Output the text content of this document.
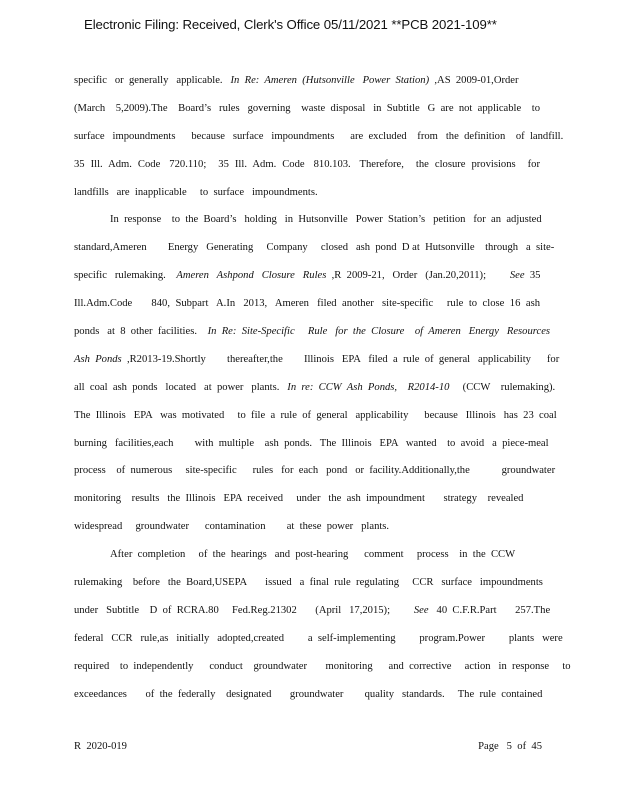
Electronic Filing: Received, Clerk's Office 05/11/2021 **PCB 2021-109**
specific   or  generally   applicable.   In  Re:  Ameren  (Hutsonville   Power  Station)  ,AS  2009-01,Order
(March    5,2009).The    Board’s   rules   governing    waste  disposal   in  Subtitle   G  are  not  applicable    to
surface   impoundments      because   surface   impoundments      are  excluded    from   the  definition    of  landfill.
35  Ill.  Adm.  Code   720.110;    35  Ill.  Adm.  Code   810.103.   Therefore,    the  closure  provisions    for
landfills   are  inapplicable     to  surface   impoundments.
In  response    to  the  Board’s   holding   in  Hutsonville   Power  Station’s   petition   for  an  adjusted
standard,Ameren        Energy   Generating     Company     closed   ash  pond  D at  Hutsonville    through   a  site-
specific   rulemaking.    Ameren   Ashpond   Closure   Rules  ,R  2009-21,   Order   (Jan.20,2011);         See  35
Ill.Adm.Code       840,  Subpart   A.In   2013,   Ameren   filed  another   site-specific     rule  to  close  16  ash
ponds   at  8  other  facilities.    In  Re:  Site-Specific     Rule   for  the  Closure    of  Ameren   Energy   Resources
Ash  Ponds  ,R2013-19.Shortly        thereafter,the        Illinois   EPA   filed  a  rule  of  general   applicability      for
all  coal  ash  ponds   located   at  power   plants.   In  re:  CCW  Ash  Ponds,    R2014-10     (CCW    rulemaking).
The  Illinois   EPA   was  motivated     to  file  a  rule  of  general   applicability      because   Illinois   has  23  coal
burning   facilities,each        with  multiple    ash  ponds.   The  Illinois   EPA   wanted    to  avoid   a  piece-meal
process    of  numerous     site-specific      rules   for  each   pond   or  facility.Additionally,the            groundwater
monitoring    results   the  Illinois   EPA  received     under   the  ash  impoundment       strategy    revealed
widespread     groundwater      contamination        at  these  power   plants.
After  completion     of  the  hearings   and  post-hearing      comment     process    in  the  CCW
rulemaking    before   the  Board,USEPA       issued   a  final  rule  regulating     CCR   surface   impoundments
under   Subtitle    D  of  RCRA.80     Fed.Reg.21302       (April   17,2015);         See   40  C.F.R.Part       257.The
federal   CCR   rule,as   initially   adopted,created         a  self-implementing         program.Power         plants   were
required    to  independently      conduct    groundwater       monitoring      and  corrective     action   in  response     to
exceedances       of  the  federally    designated       groundwater        quality   standards.     The  rule  contained
R  2020-019	Page   5  of  45
